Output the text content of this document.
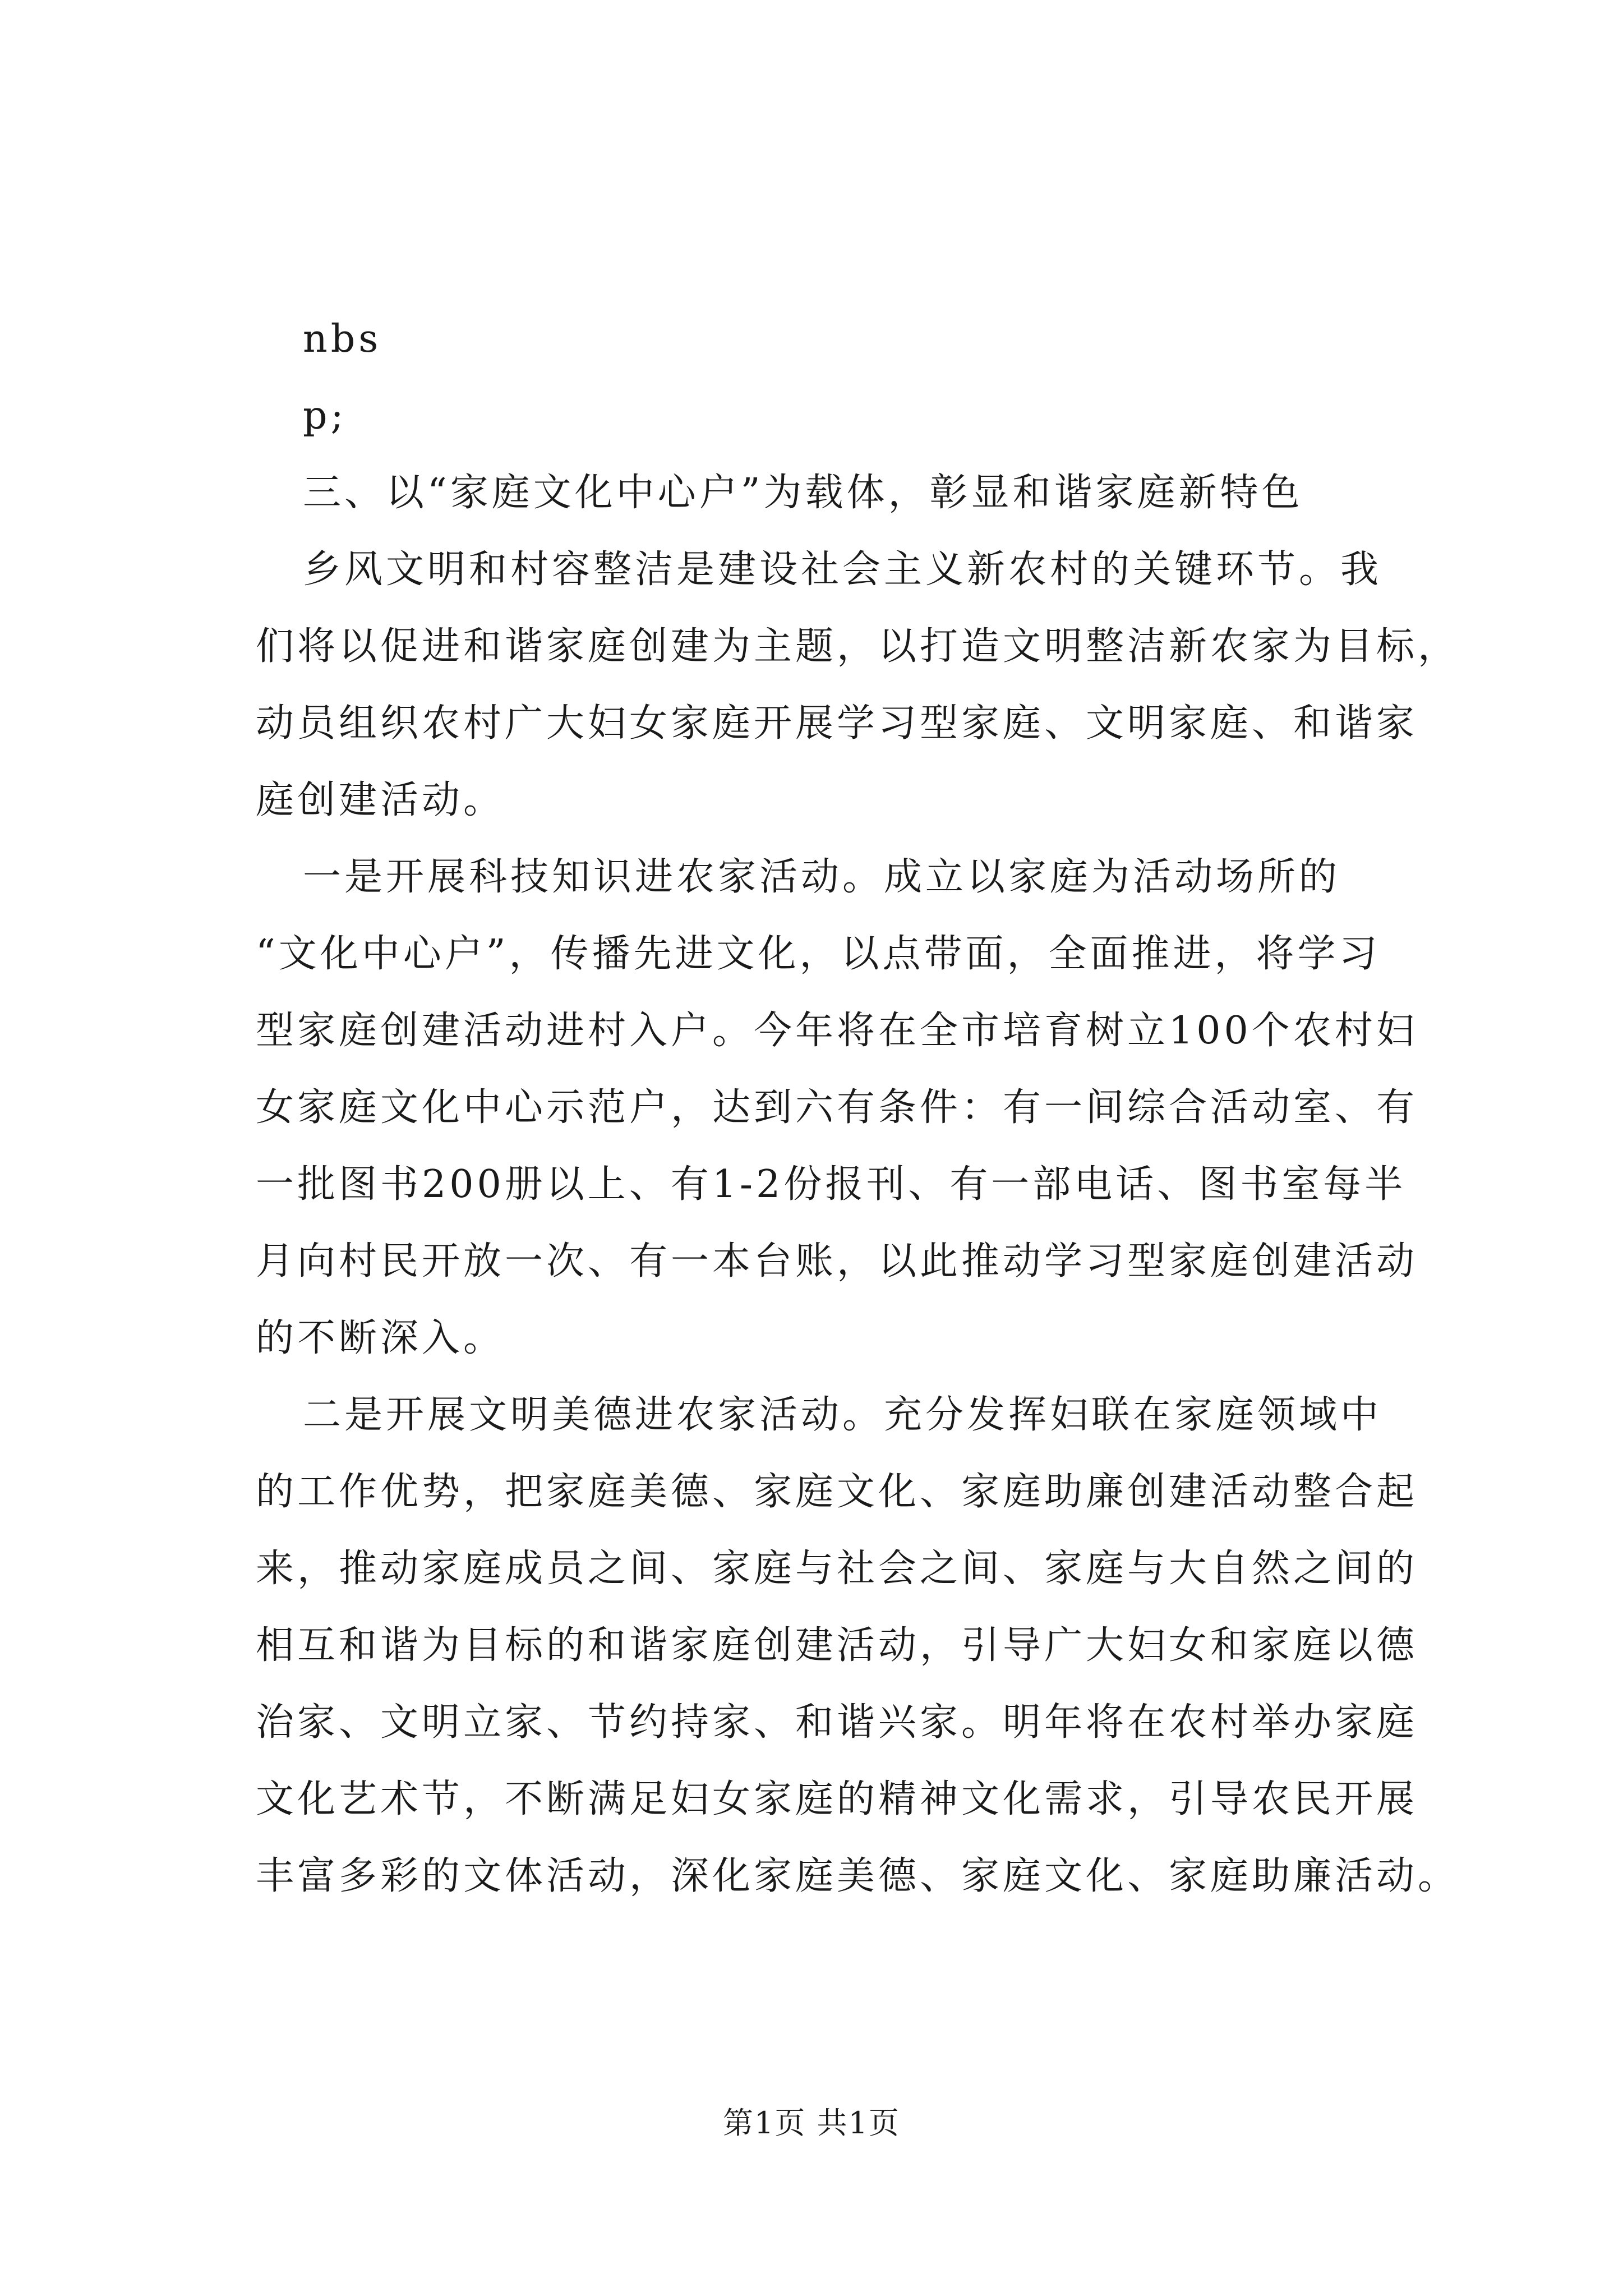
nbs
p;
三、以“家庭文化中心户”为载体，彰显和谐家庭新特色
乡风文明和村容整洁是建设社会主义新农村的关键环节。我
们将以促进和谐家庭创建为主题，以打造文明整洁新农家为目标，
动员组织农村广大妇女家庭开展学习型家庭、文明家庭、和谐家
庭创建活动。
一是开展科技知识进农家活动。成立以家庭为活动场所的
“文化中心户”，传播先进文化，以点带面，全面推进，将学习
型家庭创建活动进村入户。今年将在全市培育树立100个农村妇
女家庭文化中心示范户，达到六有条件：有一间综合活动室、有
一批图书200册以上、有1-2份报刊、有一部电话、图书室每半
月向村民开放一次、有一本台账，以此推动学习型家庭创建活动
的不断深入。
二是开展文明美德进农家活动。充分发挥妇联在家庭领域中
的工作优势，把家庭美德、家庭文化、家庭助廉创建活动整合起
来，推动家庭成员之间、家庭与社会之间、家庭与大自然之间的
相互和谐为目标的和谐家庭创建活动，引导广大妇女和家庭以德
治家、文明立家、节约持家、和谐兴家。明年将在农村举办家庭
文化艺术节，不断满足妇女家庭的精神文化需求，引导农民开展
丰富多彩的文体活动，深化家庭美德、家庭文化、家庭助廉活动。
第1页 共1页
